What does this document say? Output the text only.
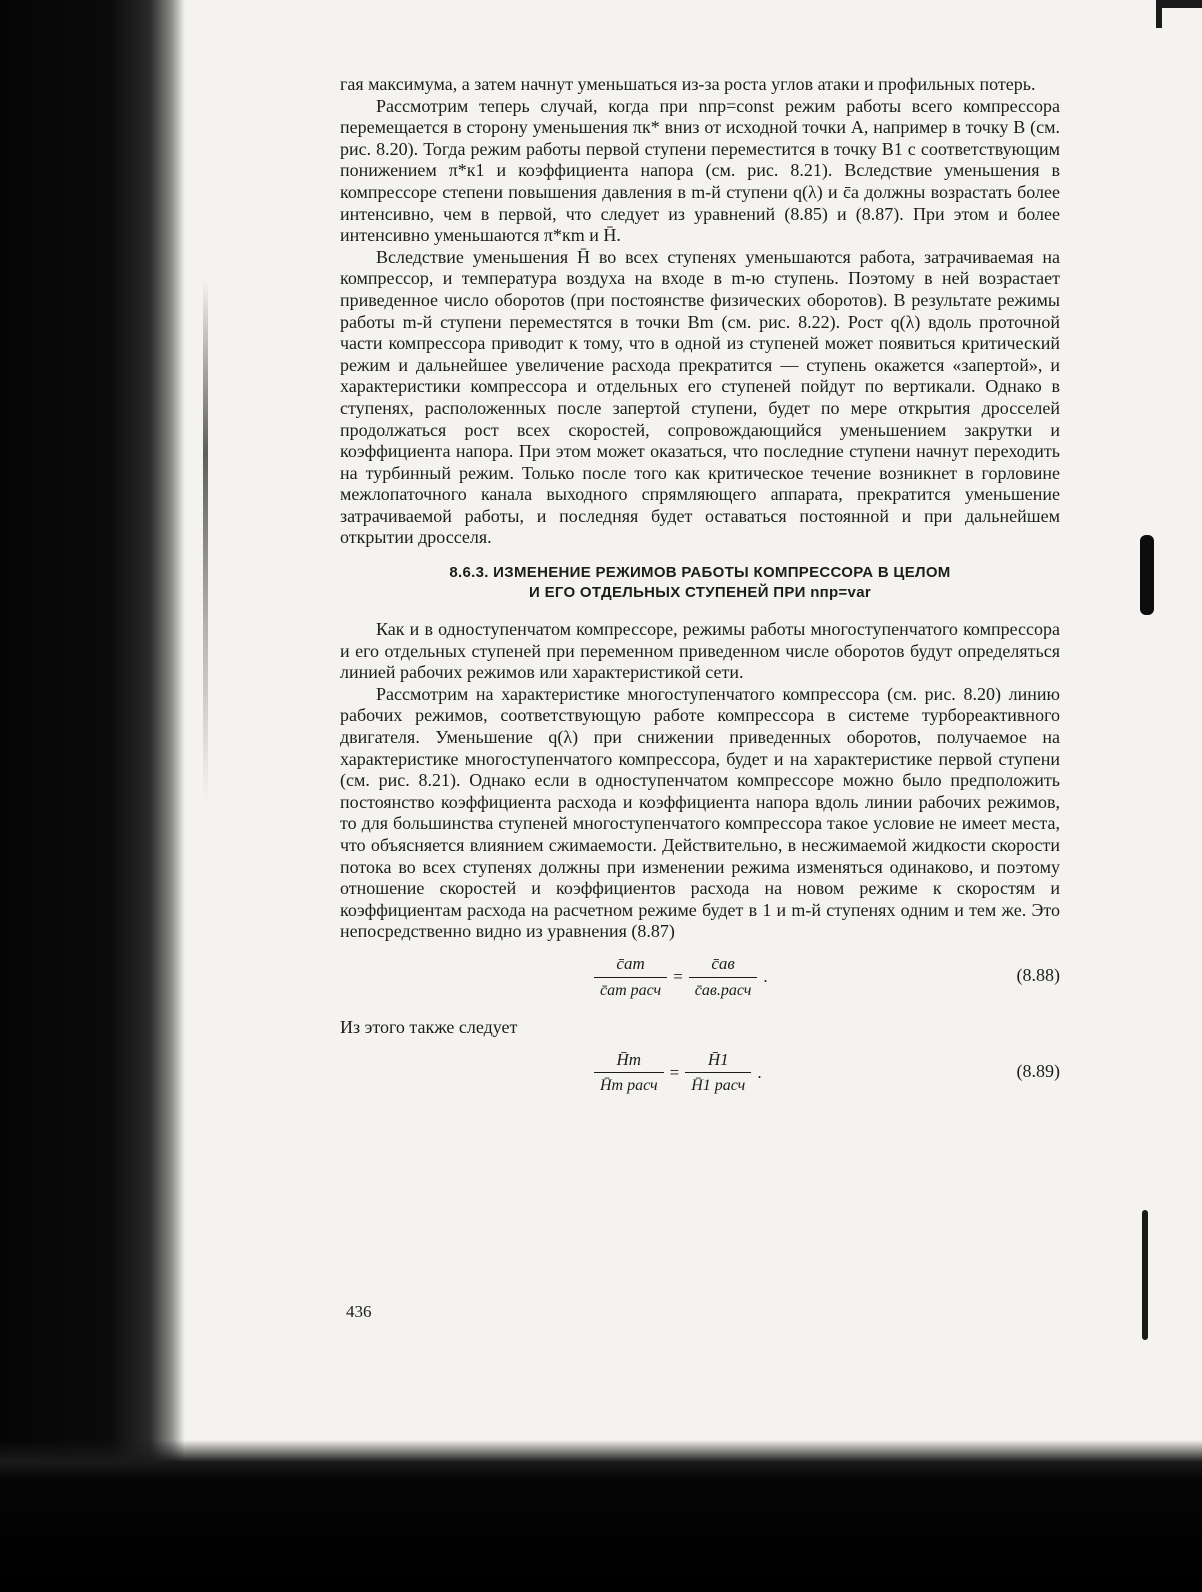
гая максимума, а затем начнут уменьшаться из-за роста углов атаки и профильных потерь.

Рассмотрим теперь случай, когда при nпр=const режим работы всего компрессора перемещается в сторону уменьшения πк* вниз от исходной точки A, например в точку B (см. рис. 8.20). Тогда режим работы первой ступени переместится в точку B1 с соответствующим понижением π*к1 и коэффициента напора (см. рис. 8.21). Вследствие уменьшения в компрессоре степени повышения давления в m-й ступени q(λ) и c̄a должны возрастать более интенсивно, чем в первой, что следует из уравнений (8.85) и (8.87). При этом и более интенсивно уменьшаются π*кm и H̄.

Вследствие уменьшения H̄ во всех ступенях уменьшаются работа, затрачиваемая на компрессор, и температура воздуха на входе в m-ю ступень. Поэтому в ней возрастает приведенное число оборотов (при постоянстве физических оборотов). В результате режимы работы m-й ступени переместятся в точки Bm (см. рис. 8.22). Рост q(λ) вдоль проточной части компрессора приводит к тому, что в одной из ступеней может появиться критический режим и дальнейшее увеличение расхода прекратится — ступень окажется «запертой», и характеристики компрессора и отдельных его ступеней пойдут по вертикали. Однако в ступенях, расположенных после запертой ступени, будет по мере открытия дросселей продолжаться рост всех скоростей, сопровождающийся уменьшением закрутки и коэффициента напора. При этом может оказаться, что последние ступени начнут переходить на турбинный режим. Только после того как критическое течение возникнет в горловине межлопаточного канала выходного спрямляющего аппарата, прекратится уменьшение затрачиваемой работы, и последняя будет оставаться постоянной и при дальнейшем открытии дросселя.

8.6.3. ИЗМЕНЕНИЕ РЕЖИМОВ РАБОТЫ КОМПРЕССОРА В ЦЕЛОМ
И ЕГО ОТДЕЛЬНЫХ СТУПЕНЕЙ ПРИ nпр=var

Как и в одноступенчатом компрессоре, режимы работы многоступенчатого компрессора и его отдельных ступеней при переменном приведенном числе оборотов будут определяться линией рабочих режимов или характеристикой сети.

Рассмотрим на характеристике многоступенчатого компрессора (см. рис. 8.20) линию рабочих режимов, соответствующую работе компрессора в системе турбореактивного двигателя. Уменьшение q(λ) при снижении приведенных оборотов, получаемое на характеристике многоступенчатого компрессора, будет и на характеристике первой ступени (см. рис. 8.21). Однако если в одноступенчатом компрессоре можно было предположить постоянство коэффициента расхода и коэффициента напора вдоль линии рабочих режимов, то для большинства ступеней многоступенчатого компрессора такое условие не имеет места, что объясняется влиянием сжимаемости. Действительно, в несжимаемой жидкости скорости потока во всех ступенях должны при изменении режима изменяться одинаково, и поэтому отношение скоростей и коэффициентов расхода на новом режиме к скоростям и коэффициентам расхода на расчетном режиме будет в 1 и m-й ступенях одним и тем же. Это непосредственно видно из уравнения (8.87)

$\frac{c̄am}{\text{c̄am расч}} = \frac{c̄aв}{\text{c̄aв.расч}}$ .	(8.88)

Из этого также следует

$\frac{H̄m}{\text{H̄m расч}} = \frac{H̄1}{\text{H̄1 расч}}$ .	(8.89)
436
